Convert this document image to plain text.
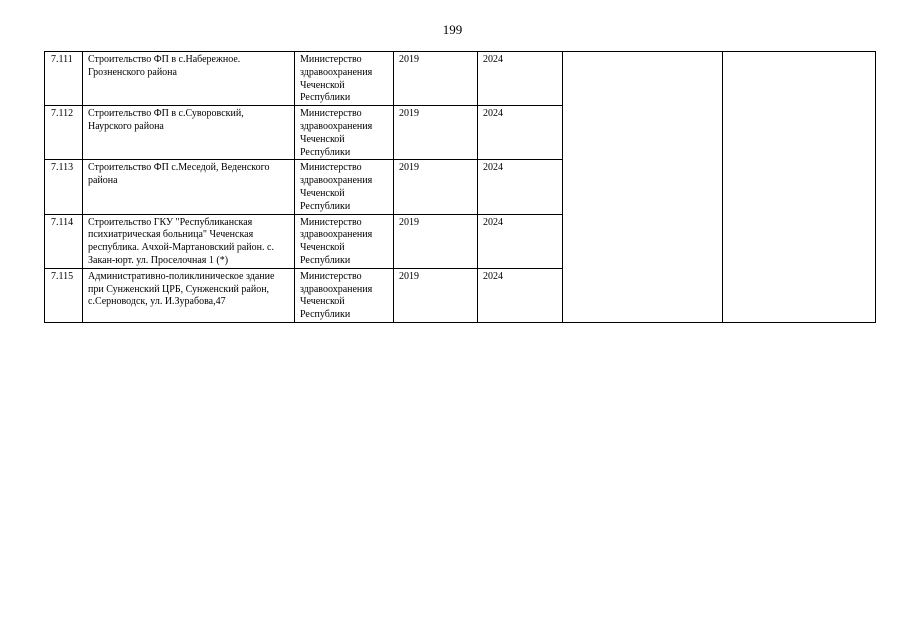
199
7.111	Строительство ФП в с.Набережное. Грозненского района	Министерство здравоохранения Чеченской Республики	2019	2024		
7.112	Строительство ФП в с.Суворовский, Наурского района	Министерство здравоохранения Чеченской Республики	2019	2024		
7.113	Строительство ФП с.Меседой, Веденского района	Министерство здравоохранения Чеченской Республики	2019	2024		
7.114	Строительство ГКУ "Республиканская психиатрическая больница" Чеченская республика. Ачхой-Мартановский район. с. Закан-юрт. ул. Проселочная 1 (*)	Министерство здравоохранения Чеченской Республики	2019	2024		
7.115	Административно-поликлиническое здание при Сунженский ЦРБ, Сунженский район, с.Серноводск, ул. И.Зурабова,47	Министерство здравоохранения Чеченской Республики	2019	2024		
